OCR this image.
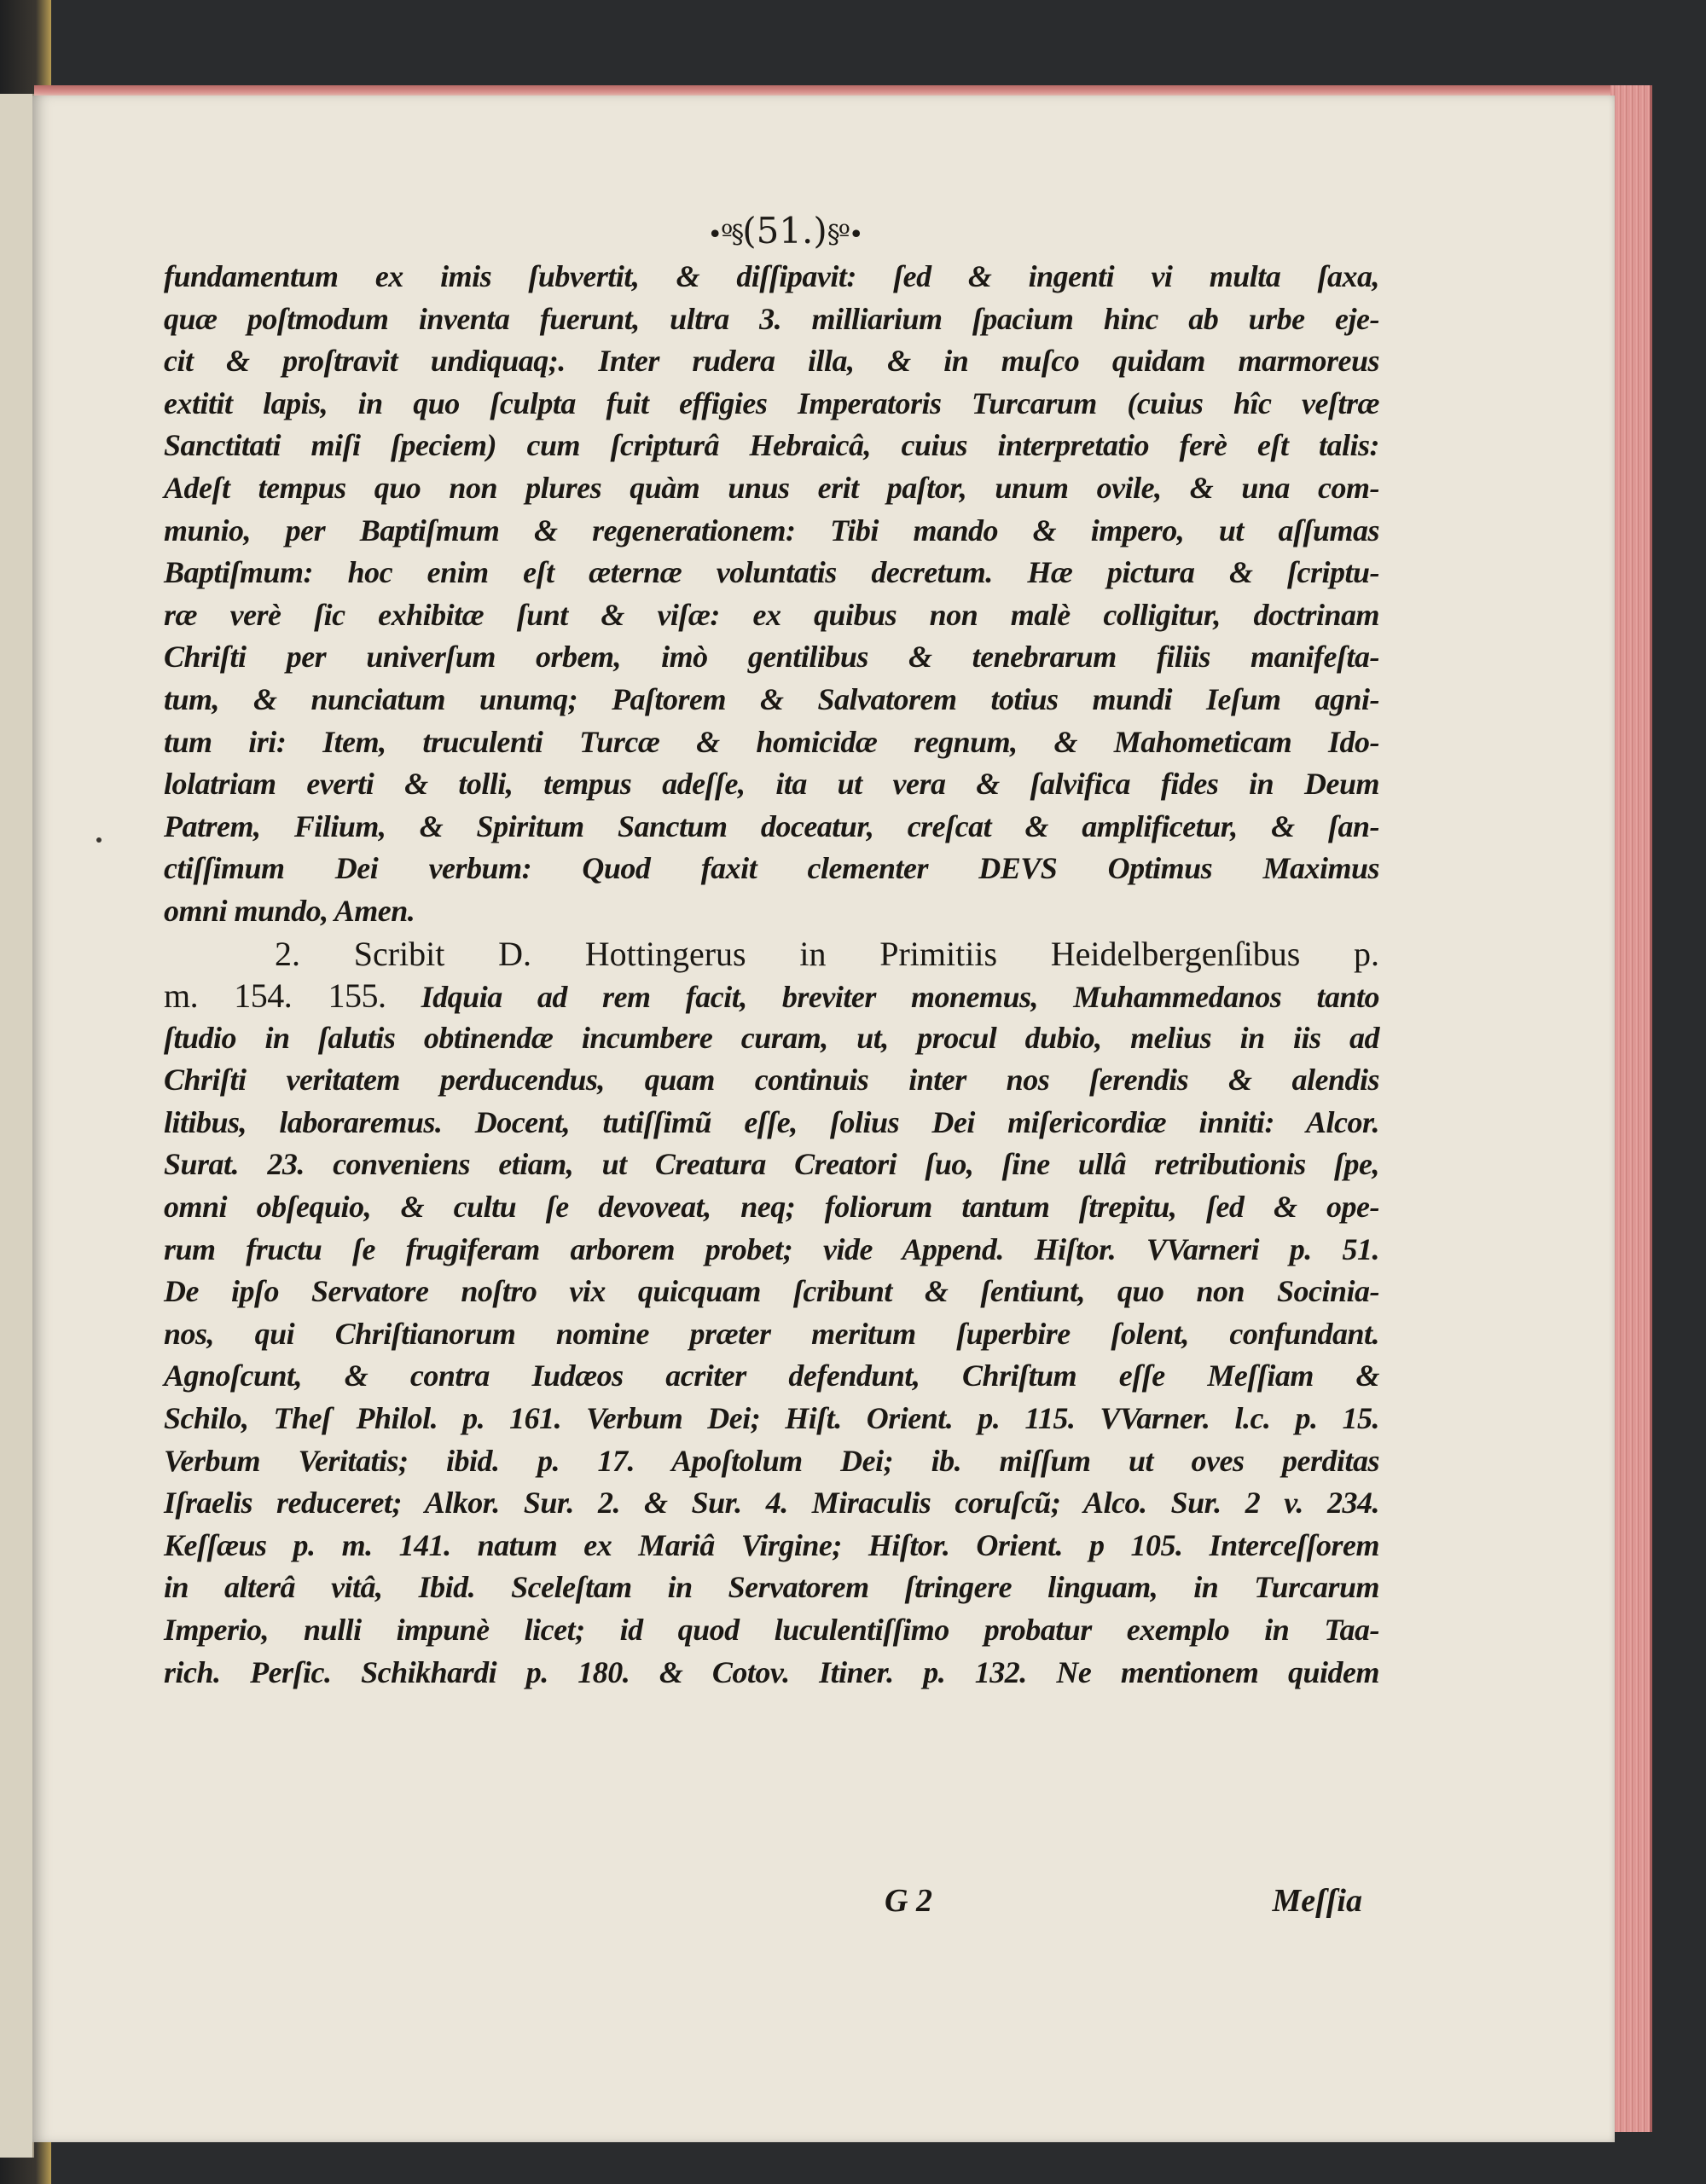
•º§(51.)§º•
fundamentum ex imis ſubvertit, & diſſipavit: ſed & ingenti vi multa ſaxa,
quæ poſtmodum inventa fuerunt, ultra 3. milliarium ſpacium hinc ab urbe eje-
cit & proſtravit undiquaq;. Inter rudera illa, & in muſco quidam marmoreus
extitit lapis, in quo ſculpta fuit effigies Imperatoris Turcarum (cuius hîc veſtræ
Sanctitati miſi ſpeciem) cum ſcripturâ Hebraicâ, cuius interpretatio ferè eſt talis:
Adeſt tempus quo non plures quàm unus erit paſtor, unum ovile, & una com-
munio, per Baptiſmum & regenerationem: Tibi mando & impero, ut aſſumas
Baptiſmum: hoc enim eſt æternæ voluntatis decretum. Hæ pictura & ſcriptu-
ræ verè ſic exhibitæ ſunt & viſæ: ex quibus non malè colligitur, doctrinam
Chriſti per univerſum orbem, imò gentilibus & tenebrarum filiis manifeſta-
tum, & nunciatum unumq; Paſtorem & Salvatorem totius mundi Ieſum agni-
tum iri: Item, truculenti Turcæ & homicidæ regnum, & Mahometicam Ido-
lolatriam everti & tolli, tempus adeſſe, ita ut vera & ſalvifica fides in Deum
Patrem, Filium, & Spiritum Sanctum doceatur, creſcat & amplificetur, & ſan-
ctiſſimum Dei verbum: Quod faxit clementer DEVS Optimus Maximus
omni mundo, Amen.
2. Scribit D. Hottingerus in Primitiis Heidelbergenſibus p.
m. 154. 155. Idquia ad rem facit, breviter monemus, Muhammedanos tanto
ſtudio in ſalutis obtinendæ incumbere curam, ut, procul dubio, melius in iis ad
Chriſti veritatem perducendus, quam continuis inter nos ſerendis & alendis
litibus, laboraremus. Docent, tutiſſimũ eſſe, ſolius Dei miſericordiæ inniti: Alcor.
Surat. 23. conveniens etiam, ut Creatura Creatori ſuo, ſine ullâ retributionis ſpe,
omni obſequio, & cultu ſe devoveat, neq; foliorum tantum ſtrepitu, ſed & ope-
rum fructu ſe frugiferam arborem probet; vide Append. Hiſtor. VVarneri p. 51.
De ipſo Servatore noſtro vix quicquam ſcribunt & ſentiunt, quo non Socinia-
nos, qui Chriſtianorum nomine præter meritum ſuperbire ſolent, confundant.
Agnoſcunt, & contra Iudæos acriter defendunt, Chriſtum eſſe Meſſiam &
Schilo, Theſ Philol. p. 161. Verbum Dei; Hiſt. Orient. p. 115. VVarner. l.c. p. 15.
Verbum Veritatis; ibid. p. 17. Apoſtolum Dei; ib. miſſum ut oves perditas
Iſraelis reduceret; Alkor. Sur. 2. & Sur. 4. Miraculis coruſcũ; Alco. Sur. 2 v. 234.
Keſſæus p. m. 141. natum ex Mariâ Virgine; Hiſtor. Orient. p 105. Interceſſorem
in alterâ vitâ, Ibid. Sceleſtam in Servatorem ſtringere linguam, in Turcarum
Imperio, nulli impunè licet; id quod luculentiſſimo probatur exemplo in Taa-
rich. Perſic. Schikhardi p. 180. & Cotov. Itiner. p. 132. Ne mentionem quidem
G 2	Meſſia
